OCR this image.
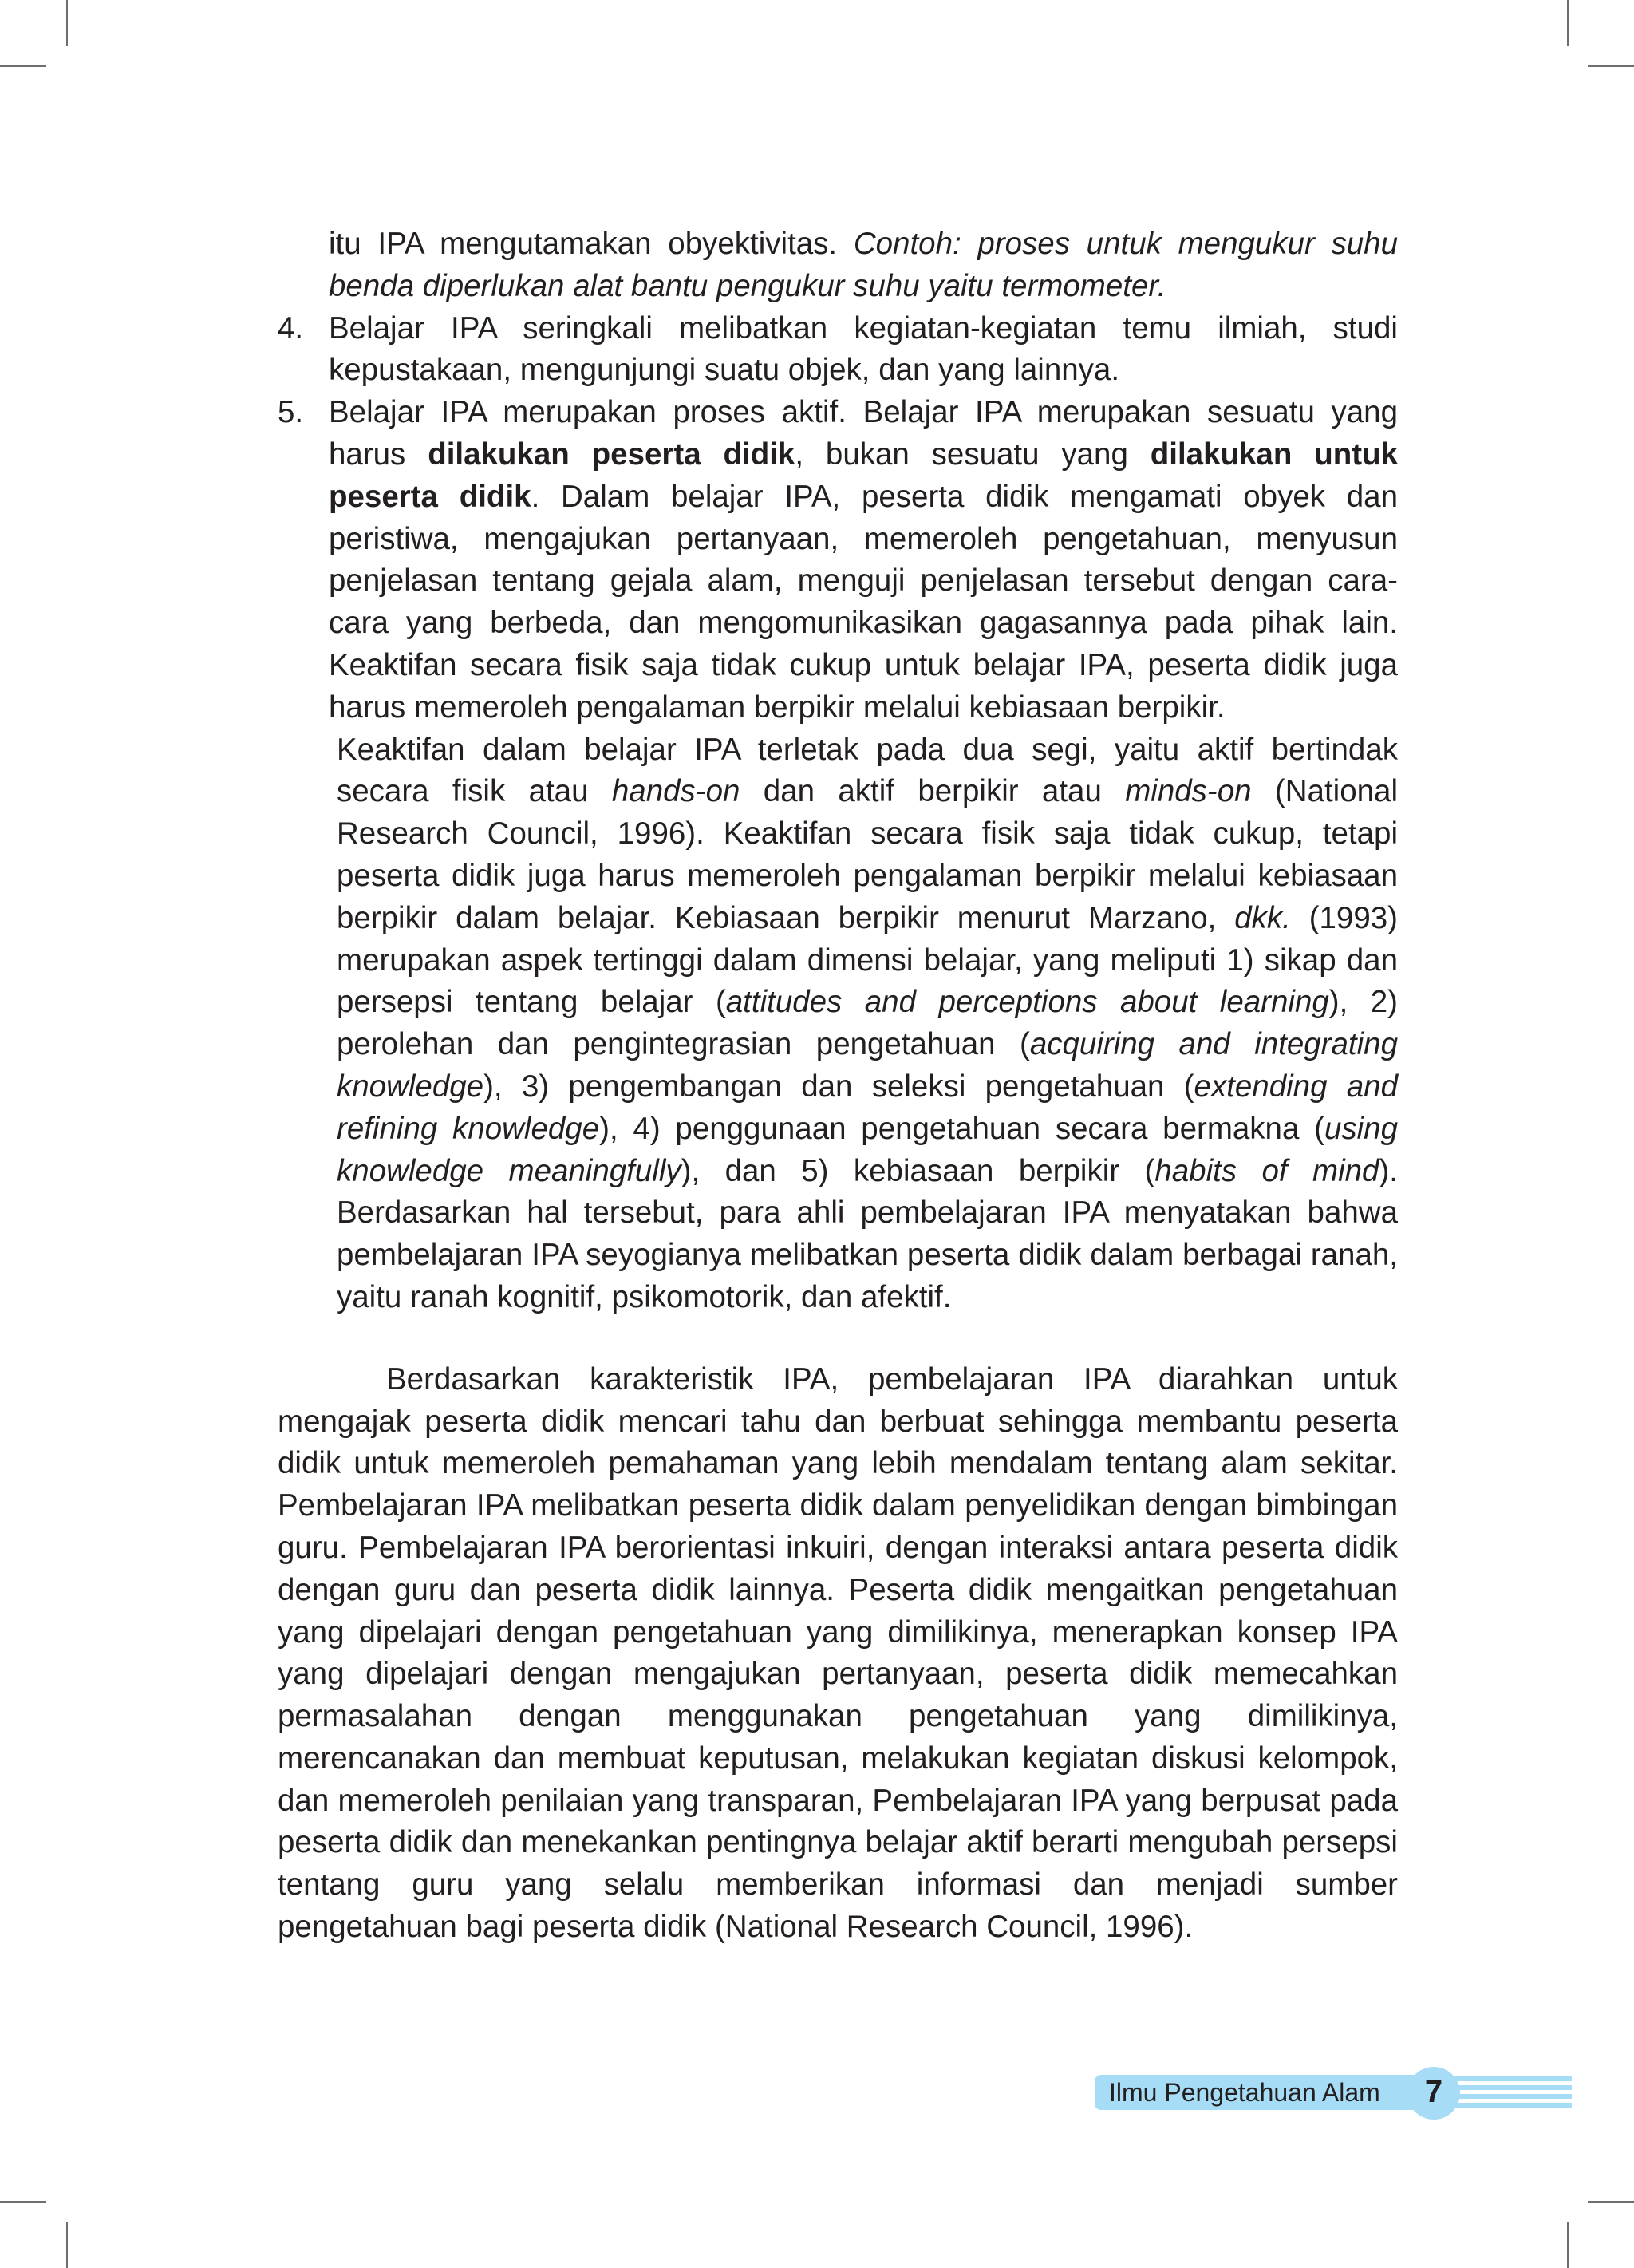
itu IPA mengutamakan obyektivitas. Contoh: proses untuk mengukur suhu benda diperlukan alat bantu pengukur suhu yaitu termometer.
4. Belajar IPA seringkali melibatkan kegiatan-kegiatan temu ilmiah, studi kepustakaan, mengunjungi suatu objek, dan yang lainnya.
5. Belajar IPA merupakan proses aktif. Belajar IPA merupakan sesuatu yang harus dilakukan peserta didik, bukan sesuatu yang dilakukan untuk peserta didik. Dalam belajar IPA, peserta didik mengamati obyek dan peristiwa, mengajukan pertanyaan, memeroleh pengetahuan, menyusun penjelasan tentang gejala alam, menguji penjelasan tersebut dengan cara-cara yang berbeda, dan mengomunikasikan gagasannya pada pihak lain. Keaktifan secara fisik saja tidak cukup untuk belajar IPA, peserta didik juga harus memeroleh pengalaman berpikir melalui kebiasaan berpikir.
Keaktifan dalam belajar IPA terletak pada dua segi, yaitu aktif bertindak secara fisik atau hands-on dan aktif berpikir atau minds-on (National Research Council, 1996). Keaktifan secara fisik saja tidak cukup, tetapi peserta didik juga harus memeroleh pengalaman berpikir melalui kebiasaan berpikir dalam belajar. Kebiasaan berpikir menurut Marzano, dkk. (1993) merupakan aspek tertinggi dalam dimensi belajar, yang meliputi 1) sikap dan persepsi tentang belajar (attitudes and perceptions about learning), 2) perolehan dan pengintegrasian pengetahuan (acquiring and integrating knowledge), 3) pengembangan dan seleksi pengetahuan (extending and refining knowledge), 4) penggunaan pengetahuan secara bermakna (using knowledge meaningfully), dan 5) kebiasaan berpikir (habits of mind). Berdasarkan hal tersebut, para ahli pembelajaran IPA menyatakan bahwa pembelajaran IPA seyogianya melibatkan peserta didik dalam berbagai ranah, yaitu ranah kognitif, psikomotorik, dan afektif.
Berdasarkan karakteristik IPA, pembelajaran IPA diarahkan untuk mengajak peserta didik mencari tahu dan berbuat sehingga membantu peserta didik untuk memeroleh pemahaman yang lebih mendalam tentang alam sekitar. Pembelajaran IPA melibatkan peserta didik dalam penyelidikan dengan bimbingan guru. Pembelajaran IPA berorientasi inkuiri, dengan interaksi antara peserta didik dengan guru dan peserta didik lainnya. Peserta didik mengaitkan pengetahuan yang dipelajari dengan pengetahuan yang dimilikinya, menerapkan konsep IPA yang dipelajari dengan mengajukan pertanyaan, peserta didik memecahkan permasalahan dengan menggunakan pengetahuan yang dimilikinya, merencanakan dan membuat keputusan, melakukan kegiatan diskusi kelompok, dan memeroleh penilaian yang transparan, Pembelajaran IPA yang berpusat pada peserta didik dan menekankan pentingnya belajar aktif berarti mengubah persepsi tentang guru yang selalu memberikan informasi dan menjadi sumber pengetahuan bagi peserta didik (National Research Council, 1996).
Ilmu Pengetahuan Alam	7
